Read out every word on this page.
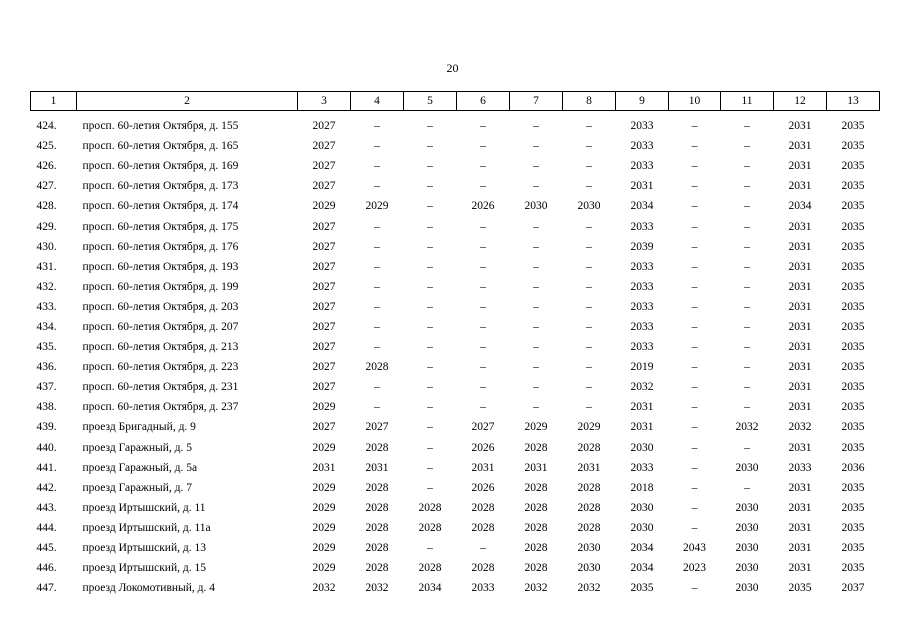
20
1	2	3	4	5	6	7	8	9	10	11	12	13

424.	просп. 60-летия Октября, д. 155	2027	–	–	–	–	–	2033	–	–	2031	2035
425.	просп. 60-летия Октября, д. 165	2027	–	–	–	–	–	2033	–	–	2031	2035
426.	просп. 60-летия Октября, д. 169	2027	–	–	–	–	–	2033	–	–	2031	2035
427.	просп. 60-летия Октября, д. 173	2027	–	–	–	–	–	2031	–	–	2031	2035
428.	просп. 60-летия Октября, д. 174	2029	2029	–	2026	2030	2030	2034	–	–	2034	2035
429.	просп. 60-летия Октября, д. 175	2027	–	–	–	–	–	2033	–	–	2031	2035
430.	просп. 60-летия Октября, д. 176	2027	–	–	–	–	–	2039	–	–	2031	2035
431.	просп. 60-летия Октября, д. 193	2027	–	–	–	–	–	2033	–	–	2031	2035
432.	просп. 60-летия Октября, д. 199	2027	–	–	–	–	–	2033	–	–	2031	2035
433.	просп. 60-летия Октября, д. 203	2027	–	–	–	–	–	2033	–	–	2031	2035
434.	просп. 60-летия Октября, д. 207	2027	–	–	–	–	–	2033	–	–	2031	2035
435.	просп. 60-летия Октября, д. 213	2027	–	–	–	–	–	2033	–	–	2031	2035
436.	просп. 60-летия Октября, д. 223	2027	2028	–	–	–	–	2019	–	–	2031	2035
437.	просп. 60-летия Октября, д. 231	2027	–	–	–	–	–	2032	–	–	2031	2035
438.	просп. 60-летия Октября, д. 237	2029	–	–	–	–	–	2031	–	–	2031	2035
439.	проезд Бригадный, д. 9	2027	2027	–	2027	2029	2029	2031	–	2032	2032	2035
440.	проезд Гаражный, д. 5	2029	2028	–	2026	2028	2028	2030	–	–	2031	2035
441.	проезд Гаражный, д. 5а	2031	2031	–	2031	2031	2031	2033	–	2030	2033	2036
442.	проезд Гаражный, д. 7	2029	2028	–	2026	2028	2028	2018	–	–	2031	2035
443.	проезд Иртышский, д. 11	2029	2028	2028	2028	2028	2028	2030	–	2030	2031	2035
444.	проезд Иртышский, д. 11а	2029	2028	2028	2028	2028	2028	2030	–	2030	2031	2035
445.	проезд Иртышский, д. 13	2029	2028	–	–	2028	2030	2034	2043	2030	2031	2035
446.	проезд Иртышский, д. 15	2029	2028	2028	2028	2028	2030	2034	2023	2030	2031	2035
447.	проезд Локомотивный, д. 4	2032	2032	2034	2033	2032	2032	2035	–	2030	2035	2037
